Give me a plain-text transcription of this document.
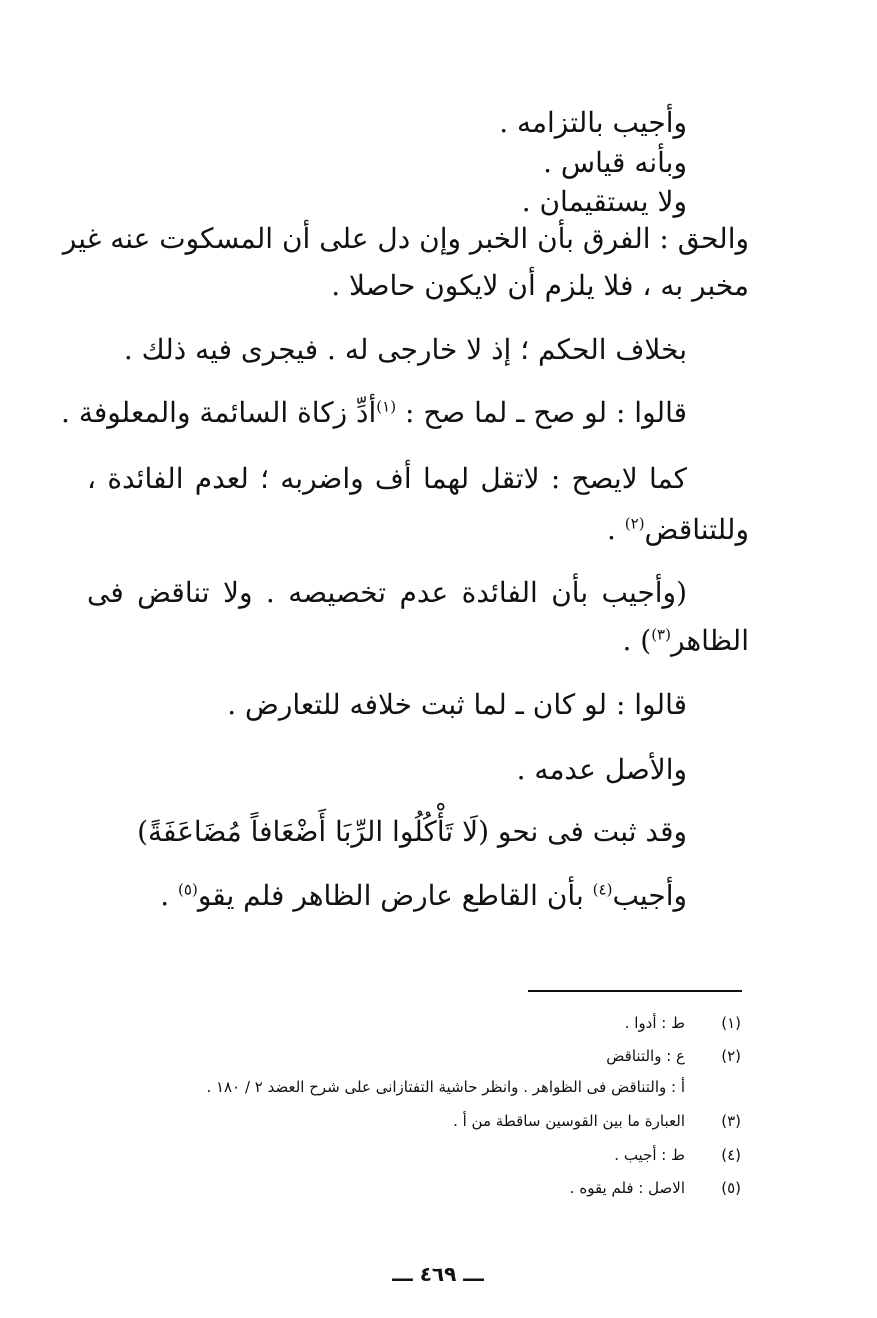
وأجيب بالتزامه .
وبأنه قياس .
ولا يستقيمان .
والحق : الفرق بأن الخبر وإن دل على أن المسكوت عنه غير
مخبر به ، فلا يلزم أن لايكون حاصلا .
بخلاف الحكم ؛ إذ لا خارجى له . فيجرى فيه ذلك .
قالوا : لو صح ـ لما صح : $^{(١)}$أدِّ زكاة السائمة والمعلوفة .
كما لايصح : لاتقل لهما أف واضربه ؛ لعدم الفائدة ،
وللتناقض$^{(٢)}$ .
(وأجيب بأن الفائدة عدم تخصيصه . ولا تناقض فى
الظاهر$^{(٣)}$) .
قالوا : لو كان ـ لما ثبت خلافه للتعارض .
والأصل عدمه .
وقد ثبت فى نحو (لَا تَأْكُلُوا الرِّبَا أَضْعَافاً مُضَاعَفَةً)
وأجيب$^{(٤)}$ بأن القاطع عارض الظاهر فلم يقو$^{(٥)}$ .
(١)
ط : أدوا .
(٢)
ع : والتناقض
أ : والتناقض فى الظواهر . وانظر حاشية التفتازانى على شرح العضد ٢ / ١٨٠ .
(٣)
العبارة ما بين القوسين ساقطة من أ .
(٤)
ط : أجيب .
(٥)
الاصل : فلم يقوه .
ـــ ٤٦٩ ـــ
